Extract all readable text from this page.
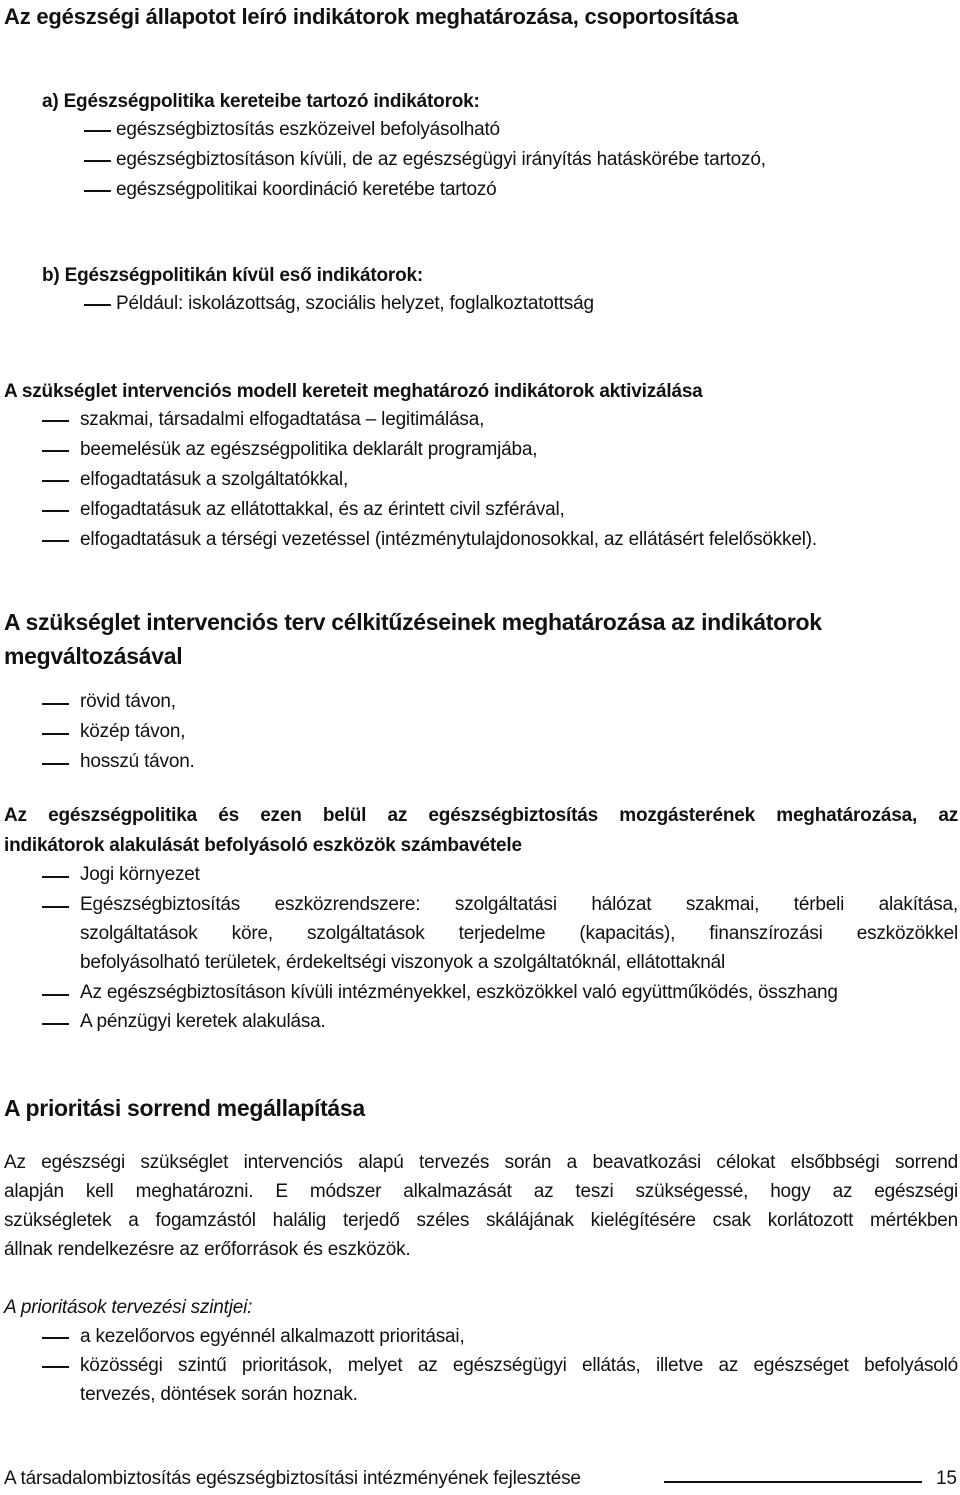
Az egészségi állapotot leíró indikátorok meghatározása, csoportosítása
a) Egészségpolitika kereteibe tartozó indikátorok:
egészségbiztosítás eszközeivel befolyásolható
egészségbiztosításon kívüli, de az egészségügyi irányítás hatáskörébe tartozó,
egészségpolitikai koordináció keretébe tartozó
b) Egészségpolitikán kívül eső indikátorok:
Például: iskolázottság, szociális helyzet, foglalkoztatottság
A szükséglet intervenciós modell kereteit meghatározó indikátorok aktivizálása
szakmai, társadalmi elfogadtatása – legitimálása,
beemelésük az egészségpolitika deklarált programjába,
elfogadtatásuk a szolgáltatókkal,
elfogadtatásuk az ellátottakkal, és az érintett civil szférával,
elfogadtatásuk a térségi vezetéssel (intézménytulajdonosokkal, az ellátásért felelősökkel).
A szükséglet intervenciós terv célkitűzéseinek meghatározása az indikátorok
megváltozásával
rövid távon,
közép távon,
hosszú távon.
Az egészségpolitika és ezen belül az egészségbiztosítás mozgásterének meghatározása, az
indikátorok alakulását befolyásoló eszközök számbavétele
Jogi környezet
Egészségbiztosítás eszközrendszere: szolgáltatási hálózat szakmai, térbeli alakítása,
szolgáltatások köre, szolgáltatások terjedelme (kapacitás), finanszírozási eszközökkel
befolyásolható területek, érdekeltségi viszonyok a szolgáltatóknál, ellátottaknál
Az egészségbiztosításon kívüli intézményekkel, eszközökkel való együttműködés, összhang
A pénzügyi keretek alakulása.
A prioritási sorrend megállapítása
Az egészségi szükséglet intervenciós alapú tervezés során a beavatkozási célokat elsőbbségi sorrend
alapján kell meghatározni. E módszer alkalmazását az teszi szükségessé, hogy az egészségi
szükségletek a fogamzástól halálig terjedő széles skálájának kielégítésére csak korlátozott mértékben
állnak rendelkezésre az erőforrások és eszközök.
A prioritások tervezési szintjei:
a kezelőorvos egyénnél alkalmazott prioritásai,
közösségi szintű prioritások, melyet az egészségügyi ellátás, illetve az egészséget befolyásoló
tervezés, döntések során hoznak.
A társadalombiztosítás egészségbiztosítási intézményének fejlesztése	15
